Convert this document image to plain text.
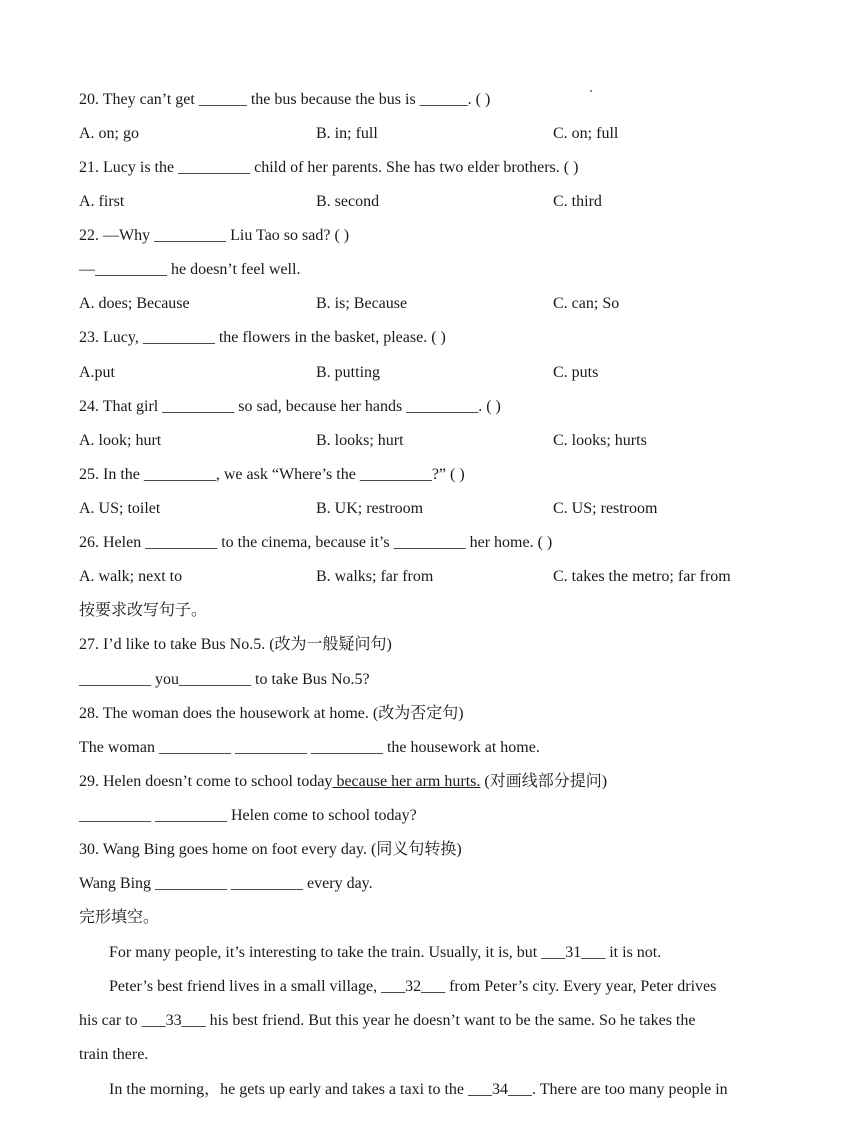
20. They can’t get ______ the bus because the bus is ______. ( )
A. on; go	B. in; full	C. on; full
21. Lucy is the _________ child of her parents. She has two elder brothers. ( )
A. first	B. second	C. third
22. —Why _________ Liu Tao so sad? ( )
—_________ he doesn’t feel well.
A. does; Because	B. is; Because	C. can; So
23. Lucy, _________ the flowers in the basket, please. ( )
A.put	B. putting	C. puts
24. That girl _________ so sad, because her hands _________. ( )
A. look; hurt	B. looks; hurt	C. looks; hurts
25. In the _________, we ask “Where’s the _________?” ( )
A. US; toilet	B. UK; restroom	C. US; restroom
26. Helen _________ to the cinema, because it’s _________ her home. ( )
A. walk; next to	B. walks; far from	C. takes the metro; far from
按要求改写句子。
27. I’d like to take Bus No.5. (改为一般疑问句)
_________ you_________ to take Bus No.5?
28. The woman does the housework at home. (改为否定句)
The woman _________ _________ _________ the housework at home.
29. Helen doesn’t come to school today because her arm hurts. (对画线部分提问)
_________ _________ Helen come to school today?
30. Wang Bing goes home on foot every day. (同义句转换)
Wang Bing _________ _________ every day.
完形填空。
For many people, it’s interesting to take the train. Usually, it is, but ___31___ it is not.
Peter’s best friend lives in a small village, ___32___ from Peter’s city. Every year, Peter drives
his car to ___33___ his best friend. But this year he doesn’t want to be the same. So he takes the
train there.
In the morning，he gets up early and takes a taxi to the ___34___. There are too many people in
